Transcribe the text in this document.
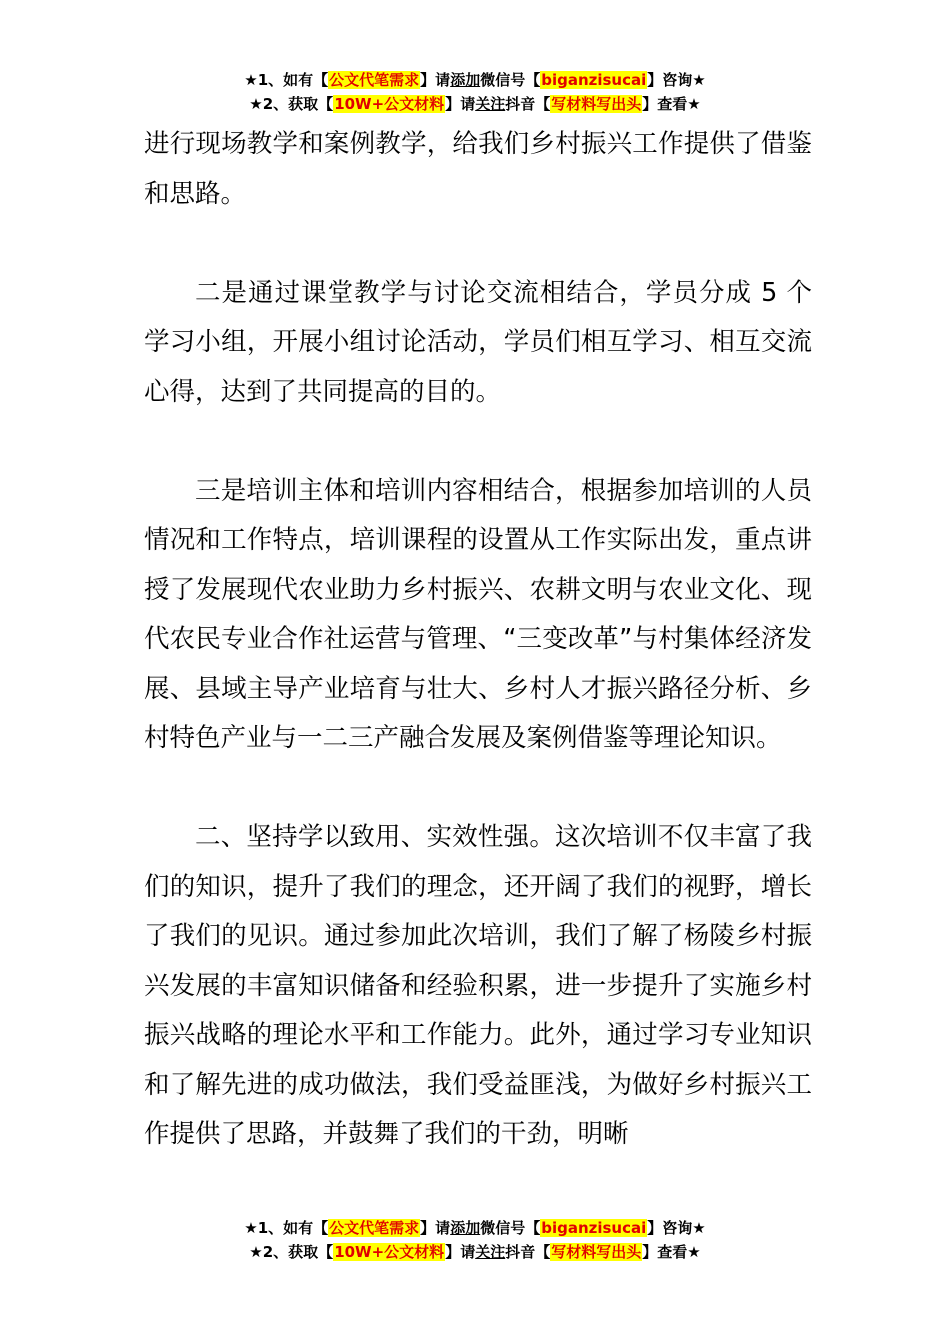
★1、如有【公文代笔需求】请添加微信号【biganzisucai】咨询★
★2、获取【10W+公文材料】请关注抖音【写材料写出头】查看★

进行现场教学和案例教学，给我们乡村振兴工作提供了借鉴和思路。

二是通过课堂教学与讨论交流相结合，学员分成 5 个学习小组，开展小组讨论活动，学员们相互学习、相互交流心得，达到了共同提高的目的。

三是培训主体和培训内容相结合，根据参加培训的人员情况和工作特点，培训课程的设置从工作实际出发，重点讲授了发展现代农业助力乡村振兴、农耕文明与农业文化、现代农民专业合作社运营与管理、“三变改革”与村集体经济发展、县域主导产业培育与壮大、乡村人才振兴路径分析、乡村特色产业与一二三产融合发展及案例借鉴等理论知识。

二、坚持学以致用、实效性强。这次培训不仅丰富了我们的知识，提升了我们的理念，还开阔了我们的视野，增长了我们的见识。通过参加此次培训，我们了解了杨陵乡村振兴发展的丰富知识储备和经验积累，进一步提升了实施乡村振兴战略的理论水平和工作能力。此外，通过学习专业知识和了解先进的成功做法，我们受益匪浅，为做好乡村振兴工作提供了思路，并鼓舞了我们的干劲，明晰

★1、如有【公文代笔需求】请添加微信号【biganzisucai】咨询★
★2、获取【10W+公文材料】请关注抖音【写材料写出头】查看★
